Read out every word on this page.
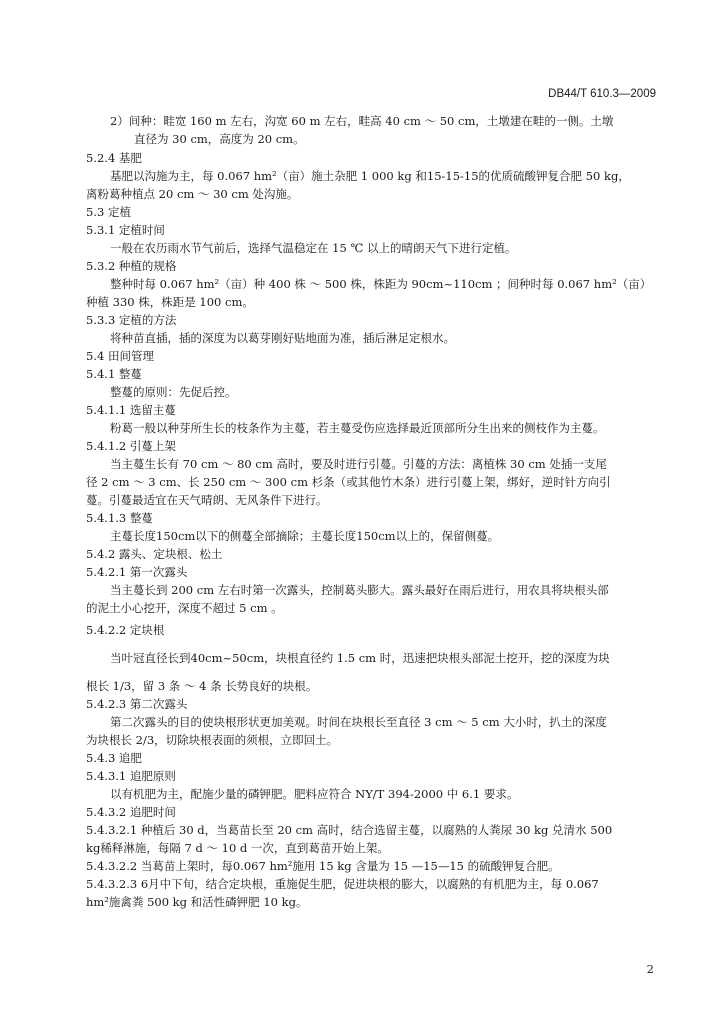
DB44/T 610.3—2009
2）间种：畦宽 160 m 左右，沟宽 60 m 左右，畦高 40 cm ～ 50 cm，土墩建在畦的一侧。土墩
直径为 30 cm，高度为 20 cm。
5.2.4 基肥
基肥以沟施为主，每 0.067 hm²（亩）施土杂肥 1 000 kg 和15-15-15的优质硫酸钾复合肥 50 kg，
离粉葛种植点 20 cm ～ 30 cm 处沟施。
5.3 定植
5.3.1 定植时间
一般在农历雨水节气前后，选择气温稳定在 15 ℃ 以上的晴朗天气下进行定植。
5.3.2 种植的规格
整种时每 0.067 hm²（亩）种 400 株 ～ 500 株，株距为 90cm~110cm ；间种时每 0.067 hm²（亩）
种植 330 株，株距是 100 cm。
5.3.3 定植的方法
将种苗直插，插的深度为以葛芽刚好贴地面为准，插后淋足定根水。
5.4 田间管理
5.4.1 整蔓
整蔓的原则：先促后控。
5.4.1.1 选留主蔓
粉葛一般以种芽所生长的枝条作为主蔓，若主蔓受伤应选择最近顶部所分生出来的侧枝作为主蔓。
5.4.1.2 引蔓上架
当主蔓生长有 70 cm ～ 80 cm 高时，要及时进行引蔓。引蔓的方法：离植株 30 cm 处插一支尾
径 2 cm ～ 3 cm、长 250 cm ～ 300 cm 杉条（或其他竹木条）进行引蔓上架，绑好，逆时针方向引
蔓。引蔓最适宜在天气晴朗、无风条件下进行。
5.4.1.3 整蔓
主蔓长度150cm以下的侧蔓全部摘除；主蔓长度150cm以上的，保留侧蔓。
5.4.2 露头、定块根、松土
5.4.2.1 第一次露头
当主蔓长到 200 cm 左右时第一次露头，控制葛头膨大。露头最好在雨后进行，用农具将块根头部
的泥土小心挖开，深度不超过 5 cm 。
5.4.2.2 定块根
当叶冠直径长到40cm~50cm，块根直径约 1.5 cm 时，迅速把块根头部泥土挖开，挖的深度为块
根长 1/3，留 3 条 ～ 4 条 长势良好的块根。
5.4.2.3 第二次露头
第二次露头的目的使块根形状更加美观。时间在块根长至直径 3 cm ～ 5 cm 大小时，扒土的深度
为块根长 2/3，切除块根表面的须根，立即回土。
5.4.3 追肥
5.4.3.1 追肥原则
以有机肥为主，配施少量的磷钾肥。肥料应符合 NY/T 394-2000 中 6.1 要求。
5.4.3.2 追肥时间
5.4.3.2.1 种植后 30 d，当葛苗长至 20 cm 高时，结合选留主蔓，以腐熟的人粪尿 30 kg 兑清水 500
kg稀释淋施，每隔 7 d ～ 10 d 一次，直到葛苗开始上架。
5.4.3.2.2 当葛苗上架时，每0.067 hm²施用 15 kg 含量为 15 —15—15 的硫酸钾复合肥。
5.4.3.2.3 6月中下旬，结合定块根，重施促生肥，促进块根的膨大，以腐熟的有机肥为主，每 0.067
hm²施禽粪 500 kg 和活性磷钾肥 10 kg。
2
